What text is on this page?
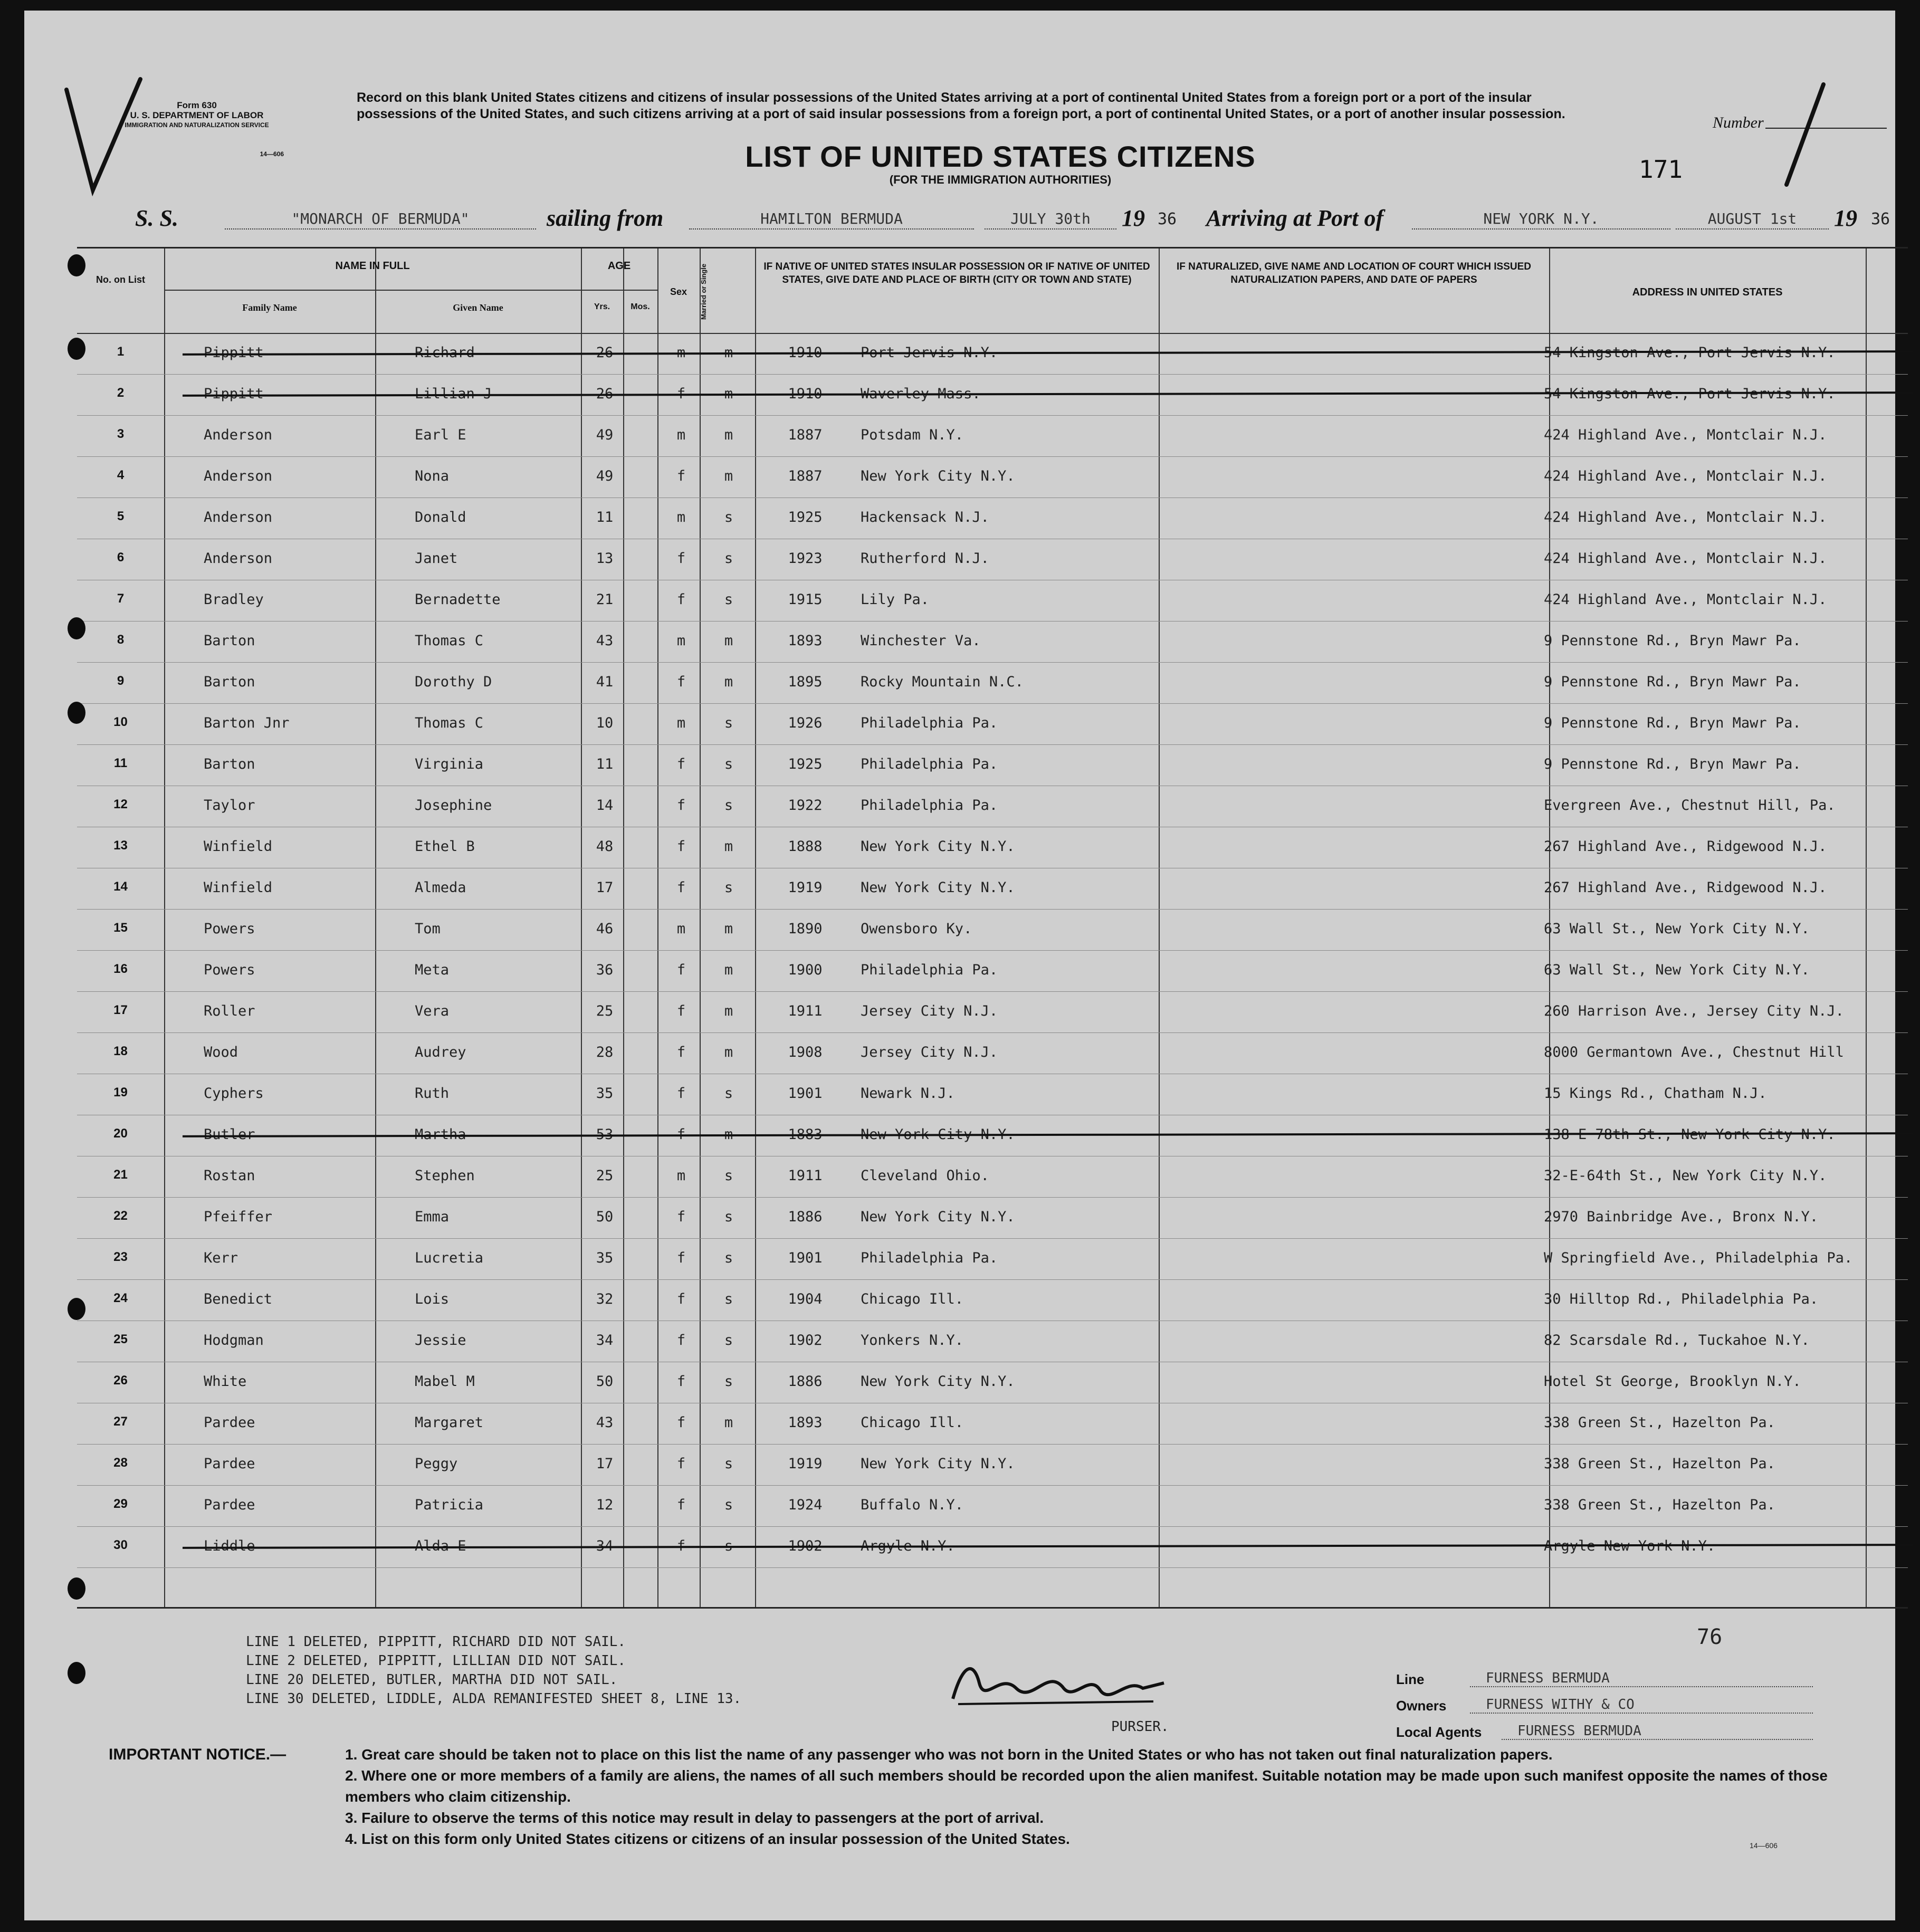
Form 630
U. S. DEPARTMENT OF LABOR
IMMIGRATION AND NATURALIZATION SERVICE
14—606
Record on this blank United States citizens and citizens of insular possessions of the United States arriving at a port of continental United States from a foreign port or a port of the insular possessions of the United States, and such citizens arriving at a port of said insular possessions from a foreign port, a port of continental United States, or a port of another insular possession.	Number
LIST OF UNITED STATES CITIZENS
(FOR THE IMMIGRATION AUTHORITIES)	171
S. S.	"MONARCH OF BERMUDA"	sailing from	HAMILTON BERMUDA	JULY 30th	19 36 Arriving at Port of	NEW YORK N.Y.	AUGUST 1st	19 36
No. on List
NAME IN FULL
Family Name	Given Name
AGE
Yrs.	Mos.
Sex	Married or Single	IF NATIVE OF UNITED STATES INSULAR POSSESSION OR IF NATIVE OF UNITED STATES, GIVE DATE AND PLACE OF BIRTH (CITY OR TOWN AND STATE)
IF NATURALIZED, GIVE NAME AND LOCATION OF COURT WHICH ISSUED NATURALIZATION PAPERS, AND DATE OF PAPERS
ADDRESS IN UNITED STATES
1	Pippitt	Richard	26	m	m	1910	Port Jervis N.Y.	54 Kingston Ave., Port Jervis N.Y.
2	Pippitt	Lillian J	26	f	m	1910	Waverley Mass.	54 Kingston Ave., Port Jervis N.Y.
3	Anderson	Earl E	49	m	m	1887	Potsdam N.Y.	424 Highland Ave., Montclair N.J.
4	Anderson	Nona	49	f	m	1887	New York City N.Y.	424 Highland Ave., Montclair N.J.
5	Anderson	Donald	11	m	s	1925	Hackensack N.J.	424 Highland Ave., Montclair N.J.
6	Anderson	Janet	13	f	s	1923	Rutherford N.J.	424 Highland Ave., Montclair N.J.
7	Bradley	Bernadette	21	f	s	1915	Lily Pa.	424 Highland Ave., Montclair N.J.
8	Barton	Thomas C	43	m	m	1893	Winchester Va.	9 Pennstone Rd., Bryn Mawr Pa.
9	Barton	Dorothy D	41	f	m	1895	Rocky Mountain N.C.	9 Pennstone Rd., Bryn Mawr Pa.
10	Barton Jnr	Thomas C	10	m	s	1926	Philadelphia Pa.	9 Pennstone Rd., Bryn Mawr Pa.
11	Barton	Virginia	11	f	s	1925	Philadelphia Pa.	9 Pennstone Rd., Bryn Mawr Pa.
12	Taylor	Josephine	14	f	s	1922	Philadelphia Pa.	Evergreen Ave., Chestnut Hill, Pa.
13	Winfield	Ethel B	48	f	m	1888	New York City N.Y.	267 Highland Ave., Ridgewood N.J.
14	Winfield	Almeda	17	f	s	1919	New York City N.Y.	267 Highland Ave., Ridgewood N.J.
15	Powers	Tom	46	m	m	1890	Owensboro Ky.	63 Wall St., New York City N.Y.
16	Powers	Meta	36	f	m	1900	Philadelphia Pa.	63 Wall St., New York City N.Y.
17	Roller	Vera	25	f	m	1911	Jersey City N.J.	260 Harrison Ave., Jersey City N.J.
18	Wood	Audrey	28	f	m	1908	Jersey City N.J.	8000 Germantown Ave., Chestnut Hill
19	Cyphers	Ruth	35	f	s	1901	Newark N.J.	15 Kings Rd., Chatham N.J.
20	Butler	Martha	53	f	m	1883	New York City N.Y.	138 E 78th St., New York City N.Y.
21	Rostan	Stephen	25	m	s	1911	Cleveland Ohio.	32-E-64th St., New York City N.Y.
22	Pfeiffer	Emma	50	f	s	1886	New York City N.Y.	2970 Bainbridge Ave., Bronx N.Y.
23	Kerr	Lucretia	35	f	s	1901	Philadelphia Pa.	W Springfield Ave., Philadelphia Pa.
24	Benedict	Lois	32	f	s	1904	Chicago Ill.	30 Hilltop Rd., Philadelphia Pa.
25	Hodgman	Jessie	34	f	s	1902	Yonkers N.Y.	82 Scarsdale Rd., Tuckahoe N.Y.
26	White	Mabel M	50	f	s	1886	New York City N.Y.	Hotel St George, Brooklyn N.Y.
27	Pardee	Margaret	43	f	m	1893	Chicago Ill.	338 Green St., Hazelton Pa.
28	Pardee	Peggy	17	f	s	1919	New York City N.Y.	338 Green St., Hazelton Pa.
29	Pardee	Patricia	12	f	s	1924	Buffalo N.Y.	338 Green St., Hazelton Pa.
30	Liddle	Alda E	34	f	s	1902	Argyle N.Y.	Argyle New York N.Y.
LINE 1 DELETED, PIPPITT, RICHARD DID NOT SAIL.
LINE 2 DELETED, PIPPITT, LILLIAN DID NOT SAIL.
LINE 20 DELETED, BUTLER, MARTHA DID NOT SAIL.
LINE 30 DELETED, LIDDLE, ALDA REMANIFESTED SHEET 8, LINE 13.
76
PURSER.
Line	FURNESS BERMUDA
Owners	FURNESS WITHY & CO
Local Agents	FURNESS BERMUDA
IMPORTANT NOTICE.—	1. Great care should be taken not to place on this list the name of any passenger who was not born in the United States or who has not taken out final naturalization papers.
2. Where one or more members of a family are aliens, the names of all such members should be recorded upon the alien manifest. Suitable notation may be made upon such manifest opposite the names of those members who claim citizenship.
3. Failure to observe the terms of this notice may result in delay to passengers at the port of arrival.
4. List on this form only United States citizens or citizens of an insular possession of the United States.	14—606
